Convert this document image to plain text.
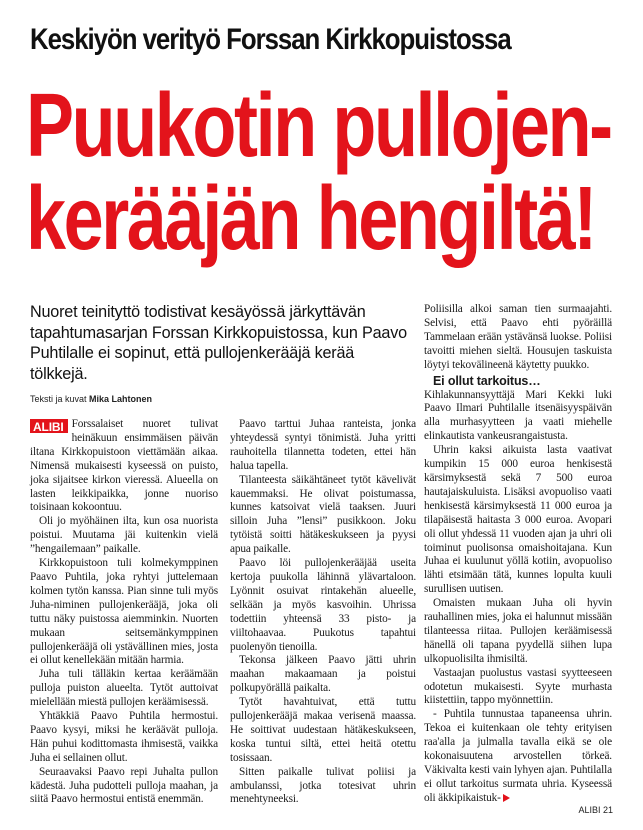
Keskiyön verityö Forssan Kirkkopuistossa
Puukotin pullojen-
kerääjän hengiltä!
Nuoret teinityttö todistivat kesäyössä järkyttävän tapahtumasarjan Forssan Kirkkopuistossa, kun Paavo Puhtilalle ei sopinut, että pullojenkerääjä kerää tölkkejä.
Teksti ja kuvat Mika Lahtonen

ALIBI Forssalaiset nuoret tulivat heinäkuun ensimmäisen päivän iltana Kirkkopuistoon viettämään aikaa. Nimensä mukaisesti kyseessä on puisto, joka sijaitsee kirkon vieressä. Alueella on lasten leikkipaikka, jonne nuoriso toisinaan kokoontuu.

Oli jo myöhäinen ilta, kun osa nuorista poistui. Muutama jäi kuitenkin vielä ”hengailemaan” paikalle.

Kirkkopuistoon tuli kolmekymppinen Paavo Puhtila, joka ryhtyi juttelemaan kolmen tytön kanssa. Pian sinne tuli myös Juha-niminen pullojenkerääjä, joka oli tuttu näky puistossa aiemminkin. Nuorten mukaan seitsemänkymppinen pullojenkerääjä oli ystävällinen mies, josta ei ollut kenellekään mitään harmia.

Juha tuli tälläkin kertaa keräämään pulloja puiston alueelta. Tytöt auttoivat mielellään miestä pullojen keräämisessä.

Yhtäkkiä Paavo Puhtila hermostui. Paavo kysyi, miksi he keräävät pulloja. Hän puhui kodittomasta ihmisestä, vaikka Juha ei sellainen ollut.

Seuraavaksi Paavo repi Juhalta pullon kädestä. Juha pudotteli pulloja maahan, ja siitä Paavo hermostui entistä enemmän.

Paavo tarttui Juhaa ranteista, jonka yhteydessä syntyi tönimistä. Juha yritti rauhoitella tilannetta todeten, ettei hän halua tapella.

Tilanteesta säikähtäneet tytöt kävelivät kauemmaksi. He olivat poistumassa, kunnes katsoivat vielä taaksen. Juuri silloin Juha ”lensi” pusikkoon. Joku tytöistä soitti hätäkeskukseen ja pyysi apua paikalle.

Paavo löi pullojenkerääjää useita kertoja puukolla lähinnä ylävartaloon. Lyönnit osuivat rintakehän alueelle, selkään ja myös kasvoihin. Uhrissa todettiin yhteensä 33 pisto- ja viiltohaavaa. Puukotus tapahtui puolenyön tienoilla.

Tekonsa jälkeen Paavo jätti uhrin maahan makaamaan ja poistui polkupyörällä paikalta.

Tytöt havahtuivat, että tuttu pullojenkerääjä makaa verisenä maassa. He soittivat uudestaan hätäkeskukseen, koska tuntui siltä, ettei heitä otettu tosissaan.

Sitten paikalle tulivat poliisi ja ambulanssi, jotka totesivat uhrin menehtyneeksi.

Poliisilla alkoi saman tien surmaajahti. Selvisi, että Paavo ehti pyöräillä Tammelaan erään ystävänsä luokse. Poliisi tavoitti miehen sieltä. Housujen taskuista löytyi tekovälineenä käytetty puukko.

Ei ollut tarkoitus…

Kihlakunnansyyttäjä Mari Kekki luki Paavo Ilmari Puhtilalle itsenäisyyspäivän alla murhasyytteen ja vaati miehelle elinkautista vankeusrangaistusta.

Uhrin kaksi aikuista lasta vaativat kumpikin 15 000 euroa henkisestä kärsimyksestä sekä 7 500 euroa hautajaiskuluista. Lisäksi avopuoliso vaati henkisestä kärsimyksestä 11 000 euroa ja tilapäisestä haitasta 3 000 euroa. Avopari oli ollut yhdessä 11 vuoden ajan ja uhri oli toiminut puolisonsa omaishoitajana. Kun Juhaa ei kuulunut yöllä kotiin, avopuoliso lähti etsimään tätä, kunnes lopulta kuuli surullisen uutisen.

Omaisten mukaan Juha oli hyvin rauhallinen mies, joka ei halunnut missään tilanteessa riitaa. Pullojen keräämisessä hänellä oli tapana pyydellä siihen lupa ulkopuolisilta ihmisiltä.

Vastaajan puolustus vastasi syytteeseen odotetun mukaisesti. Syyte murhasta kiistettiin, tappo myönnettiin.

- Puhtila tunnustaa tapaneensa uhrin. Tekoa ei kuitenkaan ole tehty erityisen raa'alla ja julmalla tavalla eikä se ole kokonaisuutena arvostellen törkeä. Väkivalta kesti vain lyhyen ajan. Puhtilalla ei ollut tarkoitus surmata uhria. Kyseessä oli äkkipikaistuk-

ALIBI 21
